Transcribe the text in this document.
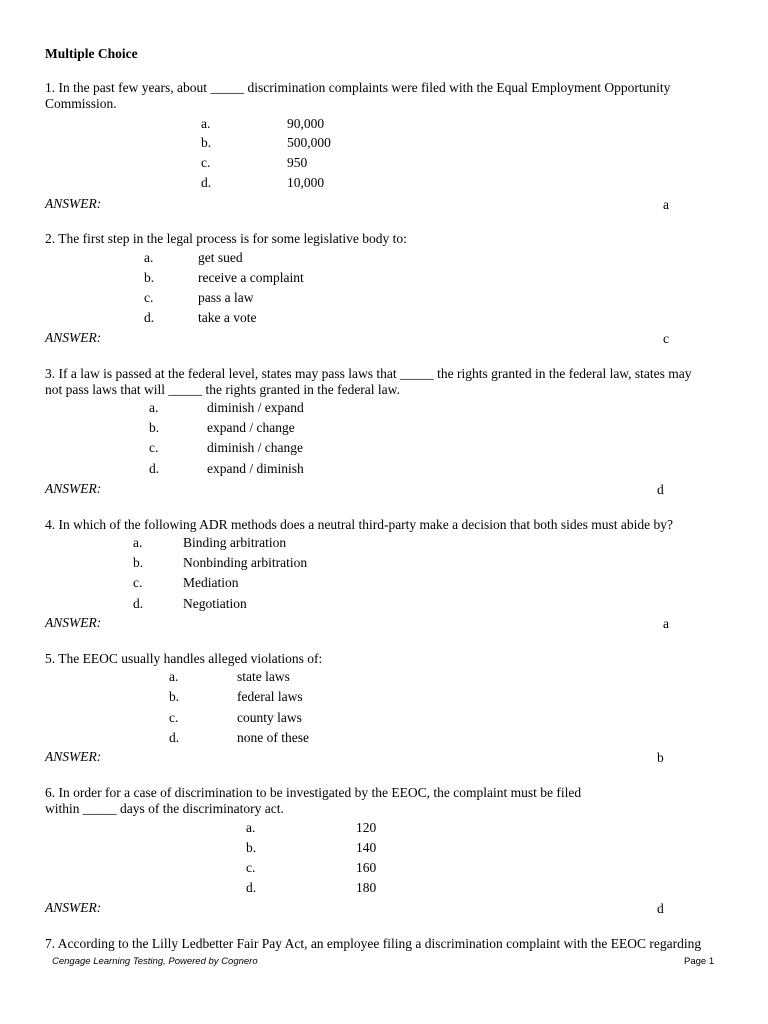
Multiple Choice
1. In the past few years, about _____ discrimination complaints were filed with the Equal Employment Opportunity
Commission.
a.	90,000
b.	500,000
c.	950
d.	10,000
ANSWER:	a
2. The first step in the legal process is for some legislative body to:
a.	get sued
b.	receive a complaint
c.	pass a law
d.	take a vote
ANSWER:	c
3. If a law is passed at the federal level, states may pass laws that _____ the rights granted in the federal law, states may
not pass laws that will _____ the rights granted in the federal law.
a.	diminish / expand
b.	expand / change
c.	diminish / change
d.	expand / diminish
ANSWER:	d
4. In which of the following ADR methods does a neutral third-party make a decision that both sides must abide by?
a.	Binding arbitration
b.	Nonbinding arbitration
c.	Mediation
d.	Negotiation
ANSWER:	a
5. The EEOC usually handles alleged violations of:
a.	state laws
b.	federal laws
c.	county laws
d.	none of these
ANSWER:	b
6. In order for a case of discrimination to be investigated by the EEOC, the complaint must be filed
within _____ days of the discriminatory act.
a.	120
b.	140
c.	160
d.	180
ANSWER:	d
7. According to the Lilly Ledbetter Fair Pay Act, an employee filing a discrimination complaint with the EEOC regarding
Cengage Learning Testing, Powered by Cognero	Page 1
